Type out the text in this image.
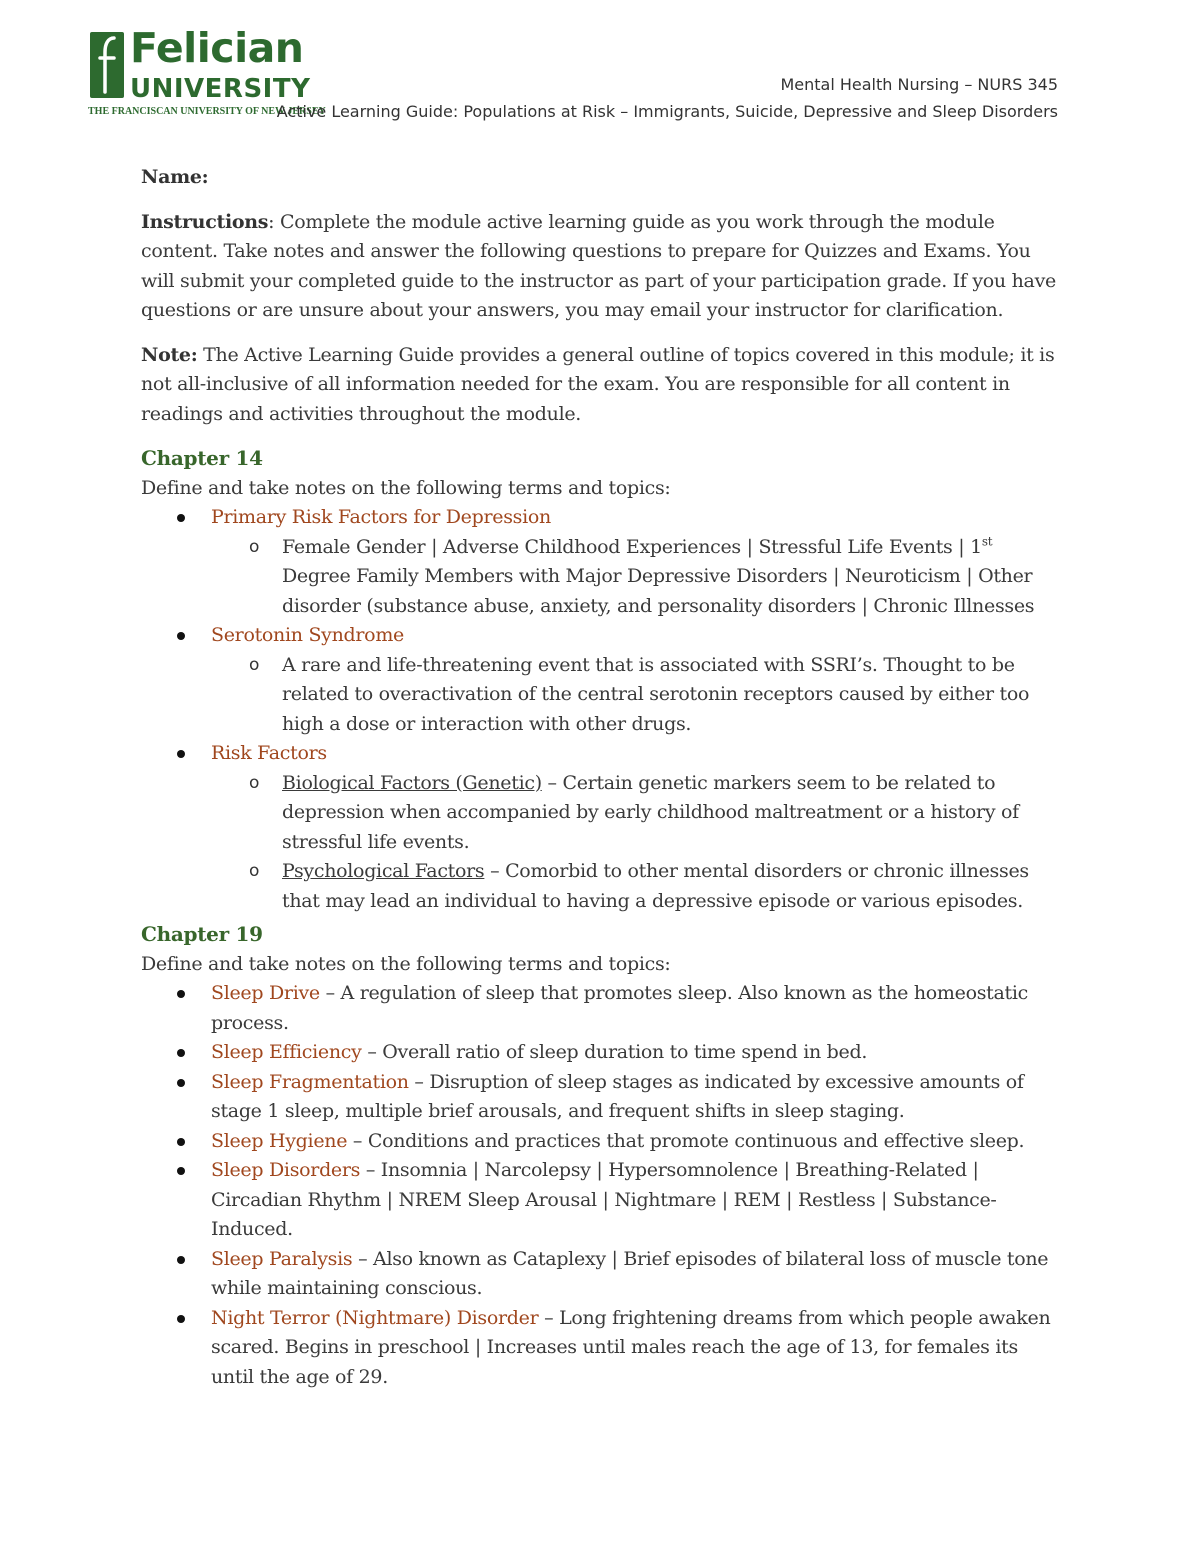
Felician
UNIVERSITY
THE FRANCISCAN UNIVERSITY OF NEW JERSEY
Mental Health Nursing – NURS 345
Active Learning Guide: Populations at Risk – Immigrants, Suicide, Depressive and Sleep Disorders

Name:

Instructions: Complete the module active learning guide as you work through the module content. Take notes and answer the following questions to prepare for Quizzes and Exams. You will submit your completed guide to the instructor as part of your participation grade. If you have questions or are unsure about your answers, you may email your instructor for clarification.

Note: The Active Learning Guide provides a general outline of topics covered in this module; it is not all-inclusive of all information needed for the exam. You are responsible for all content in readings and activities throughout the module.

Chapter 14

Define and take notes on the following terms and topics:

Primary Risk Factors for Depression
o Female Gender | Adverse Childhood Experiences | Stressful Life Events | 1st Degree Family Members with Major Depressive Disorders | Neuroticism | Other disorder (substance abuse, anxiety, and personality disorders | Chronic Illnesses
Serotonin Syndrome
o A rare and life-threatening event that is associated with SSRI’s. Thought to be related to overactivation of the central serotonin receptors caused by either too high a dose or interaction with other drugs.
Risk Factors
o Biological Factors (Genetic) – Certain genetic markers seem to be related to depression when accompanied by early childhood maltreatment or a history of stressful life events.
o Psychological Factors – Comorbid to other mental disorders or chronic illnesses that may lead an individual to having a depressive episode or various episodes.

Chapter 19

Define and take notes on the following terms and topics:

Sleep Drive – A regulation of sleep that promotes sleep. Also known as the homeostatic process.
Sleep Efficiency – Overall ratio of sleep duration to time spend in bed.
Sleep Fragmentation – Disruption of sleep stages as indicated by excessive amounts of stage 1 sleep, multiple brief arousals, and frequent shifts in sleep staging.
Sleep Hygiene – Conditions and practices that promote continuous and effective sleep.
Sleep Disorders – Insomnia | Narcolepsy | Hypersomnolence | Breathing-Related | Circadian Rhythm | NREM Sleep Arousal | Nightmare | REM | Restless | Substance-Induced.
Sleep Paralysis – Also known as Cataplexy | Brief episodes of bilateral loss of muscle tone while maintaining conscious.
Night Terror (Nightmare) Disorder – Long frightening dreams from which people awaken scared. Begins in preschool | Increases until males reach the age of 13, for females its until the age of 29.
